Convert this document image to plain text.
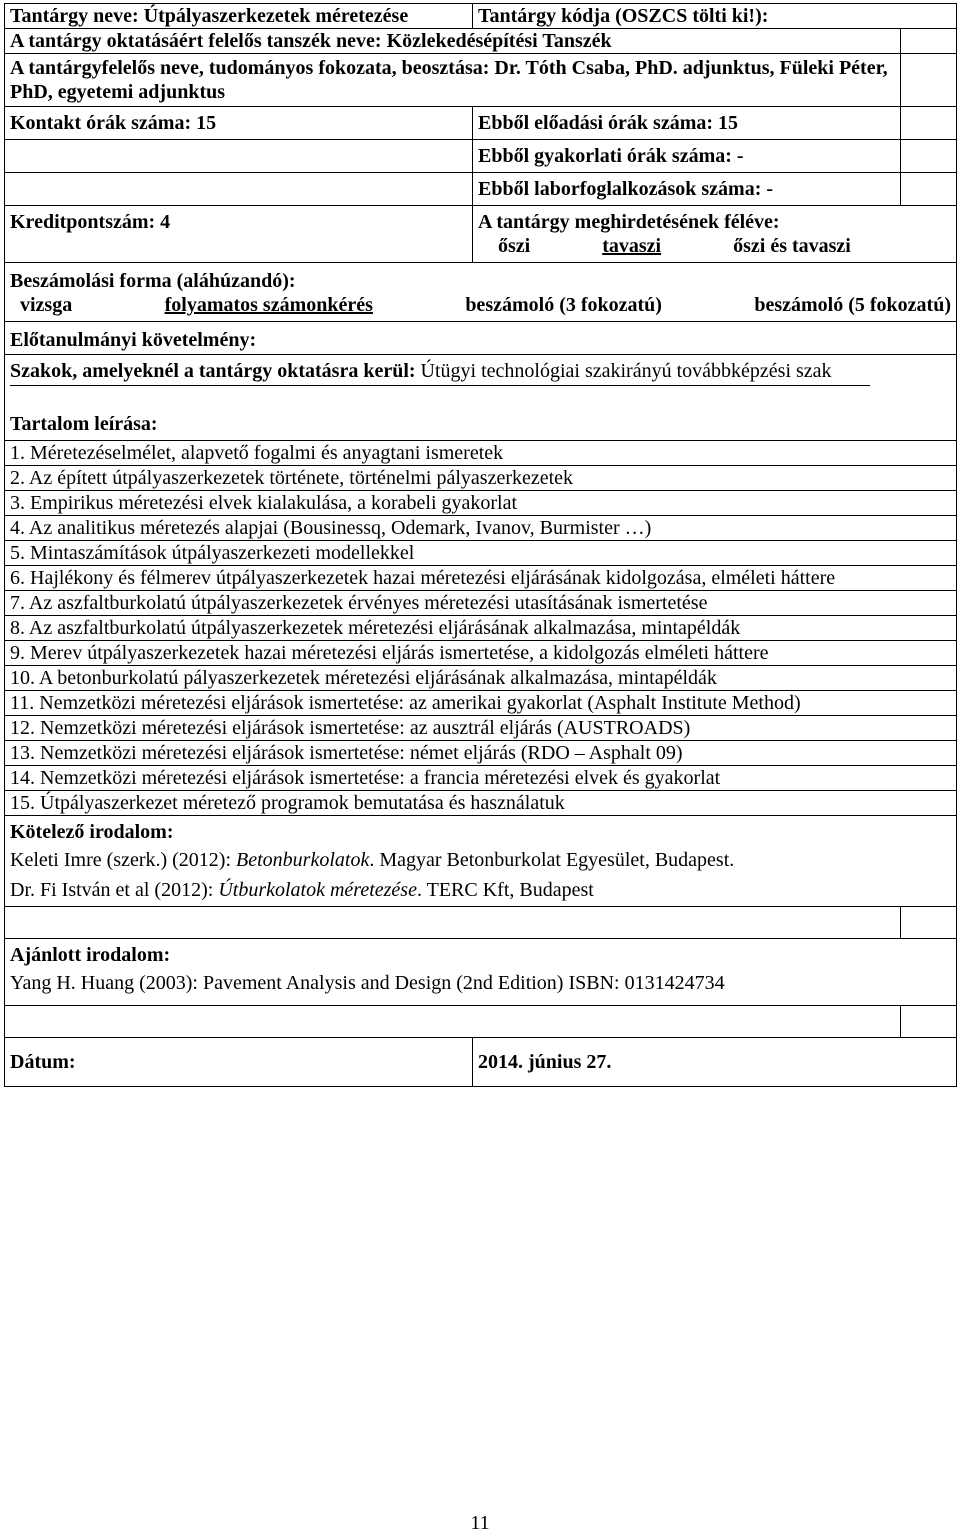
Tantárgy neve: Útpályaszerkezetek méretezése	Tantárgy kódja (OSZCS tölti ki!):	
A tantárgy oktatásáért felelős tanszék neve: Közlekedésépítési Tanszék		
A tantárgyfelelős neve, tudományos fokozata, beosztása: Dr. Tóth Csaba, PhD. adjunktus, Füleki Péter, PhD, egyetemi adjunktus		
Kontakt órák száma: 15	Ebből előadási órák száma: 15	
	Ebből gyakorlati órák száma: -	
	Ebből laborfoglalkozások száma: -	
Kreditpontszám: 4	A tantárgy meghirdetésének féléve:
őszi tavaszi őszi és tavaszi	

Beszámolási forma (aláhúzandó):
vizsga folyamatos számonkérés beszámoló (3 fokozatú) beszámoló (5 fokozatú)		

Előtanulmányi követelmény:		

Szakok, amelyeknél a tantárgy oktatásra kerül: Útügyi technológiai szakirányú továbbképzési szak
Tartalom leírása:		

1. Méretezéselmélet, alapvető fogalmi és anyagtani ismeretek		
2. Az épített útpályaszerkezetek története, történelmi pályaszerkezetek		
3. Empirikus méretezési elvek kialakulása, a korabeli gyakorlat		
4. Az analitikus méretezés alapjai (Bousinessq, Odemark, Ivanov, Burmister …)		
5. Mintaszámítások útpályaszerkezeti modellekkel		
6. Hajlékony és félmerev útpályaszerkezetek hazai méretezési eljárásának kidolgozása, elméleti háttere		
7. Az aszfaltburkolatú útpályaszerkezetek érvényes méretezési utasításának ismertetése		
8. Az aszfaltburkolatú útpályaszerkezetek méretezési eljárásának alkalmazása, mintapéldák		
9. Merev útpályaszerkezetek hazai méretezési eljárás ismertetése, a kidolgozás elméleti háttere		
10. A betonburkolatú pályaszerkezetek méretezési eljárásának alkalmazása, mintapéldák		
11. Nemzetközi méretezési eljárások ismertetése: az amerikai gyakorlat (Asphalt Institute Method)		
12. Nemzetközi méretezési eljárások ismertetése: az ausztrál eljárás (AUSTROADS)		
13. Nemzetközi méretezési eljárások ismertetése: német eljárás (RDO – Asphalt 09)		
14. Nemzetközi méretezési eljárások ismertetése: a francia méretezési elvek és gyakorlat		
15. Útpályaszerkezet méretező programok bemutatása és használatuk		

Kötelező irodalom:
Keleti Imre (szerk.) (2012): Betonburkolatok. Magyar Betonburkolat Egyesület, Budapest.
Dr. Fi István et al (2012): Útburkolatok méretezése. TERC Kft, Budapest		

Ajánlott irodalom:
Yang H. Huang (2003): Pavement Analysis and Design (2nd Edition) ISBN: 0131424734		

Dátum:	2014. június 27.	
11
